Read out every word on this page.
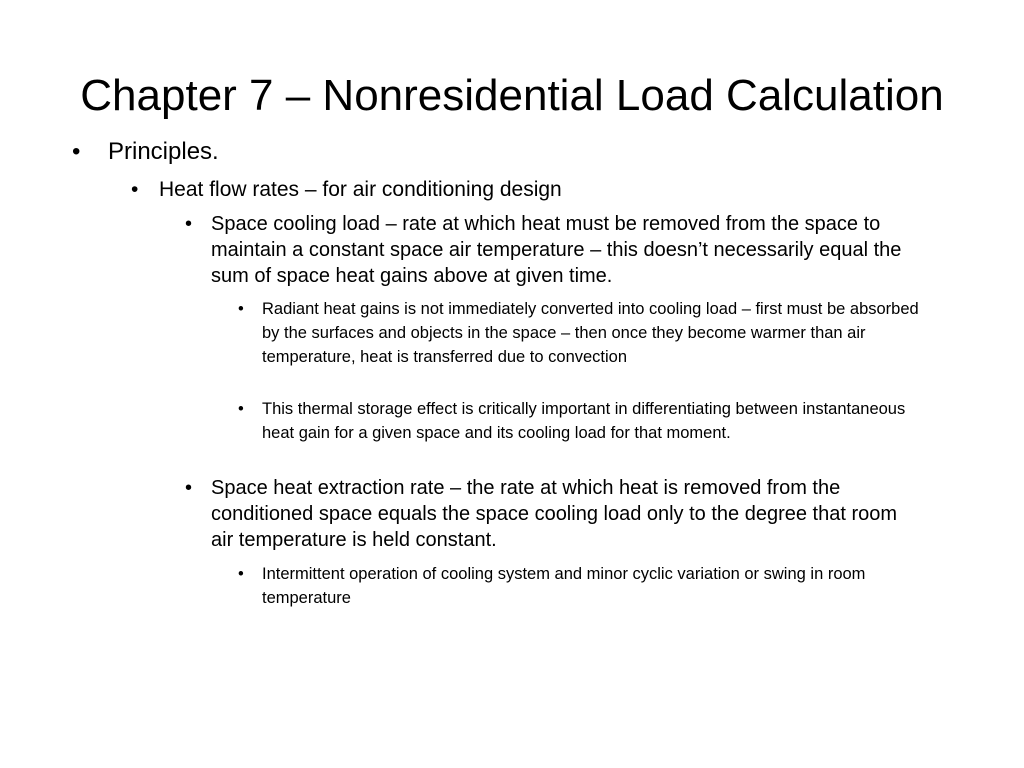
Chapter 7 – Nonresidential Load Calculation
• Principles.
• Heat flow rates – for air conditioning design
• Space cooling load – rate at which heat must be removed from the space to maintain a constant space air temperature – this doesn’t necessarily equal the sum of space heat gains above at given time.
• Radiant heat gains is not immediately converted into cooling load – first must be absorbed by the surfaces and objects in the space – then once they become warmer than air temperature, heat is transferred due to convection
• This thermal storage effect is critically important in differentiating between instantaneous heat gain for a given space and its cooling load for that moment.
• Space heat extraction rate – the rate at which heat is removed from the conditioned space equals the space cooling load only to the degree that room air temperature is held constant.
• Intermittent operation of cooling system and minor cyclic variation or swing in room temperature
